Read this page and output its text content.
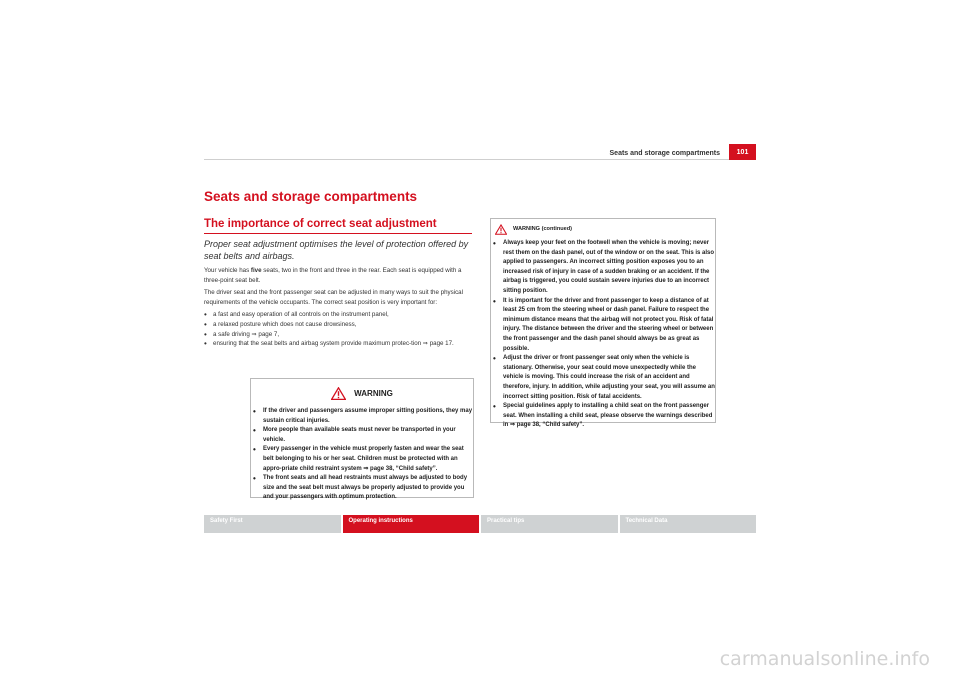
Seats and storage compartments	101
Seats and storage compartments
The importance of correct seat adjustment

Proper seat adjustment optimises the level of protection offered by seat belts and airbags.

Your vehicle has five seats, two in the front and three in the rear. Each seat is equipped with a three-point seat belt.

The driver seat and the front passenger seat can be adjusted in many ways to suit the physical requirements of the vehicle occupants. The correct seat position is very important for:

• a fast and easy operation of all controls on the instrument panel,
• a relaxed posture which does not cause drowsiness,
• a safe driving ⇒ page 7,
• ensuring that the seat belts and airbag system provide maximum protec-tion ⇒ page 17.
WARNING
• If the driver and passengers assume improper sitting positions, they may sustain critical injuries.
• More people than available seats must never be transported in your vehicle.
• Every passenger in the vehicle must properly fasten and wear the seat belt belonging to his or her seat. Children must be protected with an appro-priate child restraint system ⇒ page 38, “Child safety”.
• The front seats and all head restraints must always be adjusted to body size and the seat belt must always be properly adjusted to provide you and your passengers with optimum protection.
WARNING (continued)
• Always keep your feet on the footwell when the vehicle is moving; never rest them on the dash panel, out of the window or on the seat. This is also applied to passengers. An incorrect sitting position exposes you to an increased risk of injury in case of a sudden braking or an accident. If the airbag is triggered, you could sustain severe injuries due to an incorrect sitting position.
• It is important for the driver and front passenger to keep a distance of at least 25 cm from the steering wheel or dash panel. Failure to respect the minimum distance means that the airbag will not protect you. Risk of fatal injury. The distance between the driver and the steering wheel or between the front passenger and the dash panel should always be as great as possible.
• Adjust the driver or front passenger seat only when the vehicle is stationary. Otherwise, your seat could move unexpectedly while the vehicle is moving. This could increase the risk of an accident and therefore, injury. In addition, while adjusting your seat, you will assume an incorrect sitting position. Risk of fatal accidents.
• Special guidelines apply to installing a child seat on the front passenger seat. When installing a child seat, please observe the warnings described in ⇒ page 38, “Child safety”.
Safety First	Operating instructions	Practical tips	Technical Data
carmanualsonline.info
